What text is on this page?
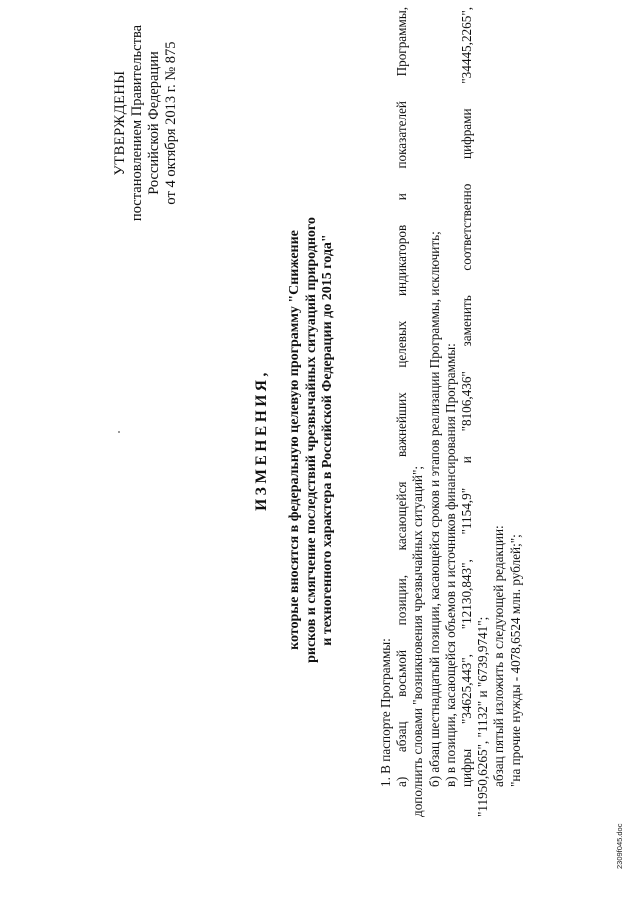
УТВЕРЖДЕНЫ постановлением Правительства Российской Федерации от 4 октября 2013 г. № 875
ИЗМЕНЕНИЯ, которые вносятся в федеральную целевую программу "Снижение рисков и смягчение последствий чрезвычайных ситуаций природного и техногенного характера в Российской Федерации до 2015 года"

1. В паспорте Программы: а) абзац восьмой позиции, касающейся важнейших целевых индикаторов и показателей Программы, дополнить словами "возникновения чрезвычайных ситуаций"; б) абзац шестнадцатый позиции, касающейся сроков и этапов реализации Программы, исключить; в) в позиции, касающейся объемов и источников финансирования Программы: цифры "34625,443", "12130,843", "1154,9" и "8106,436" заменить соответственно цифрами "34445,2265", "11950,6265", "1132" и "6739,9741"; абзац пятый изложить в следующей редакции: "на прочие нужды - 4078,6524 млн. рублей;";

2309f045.doc
